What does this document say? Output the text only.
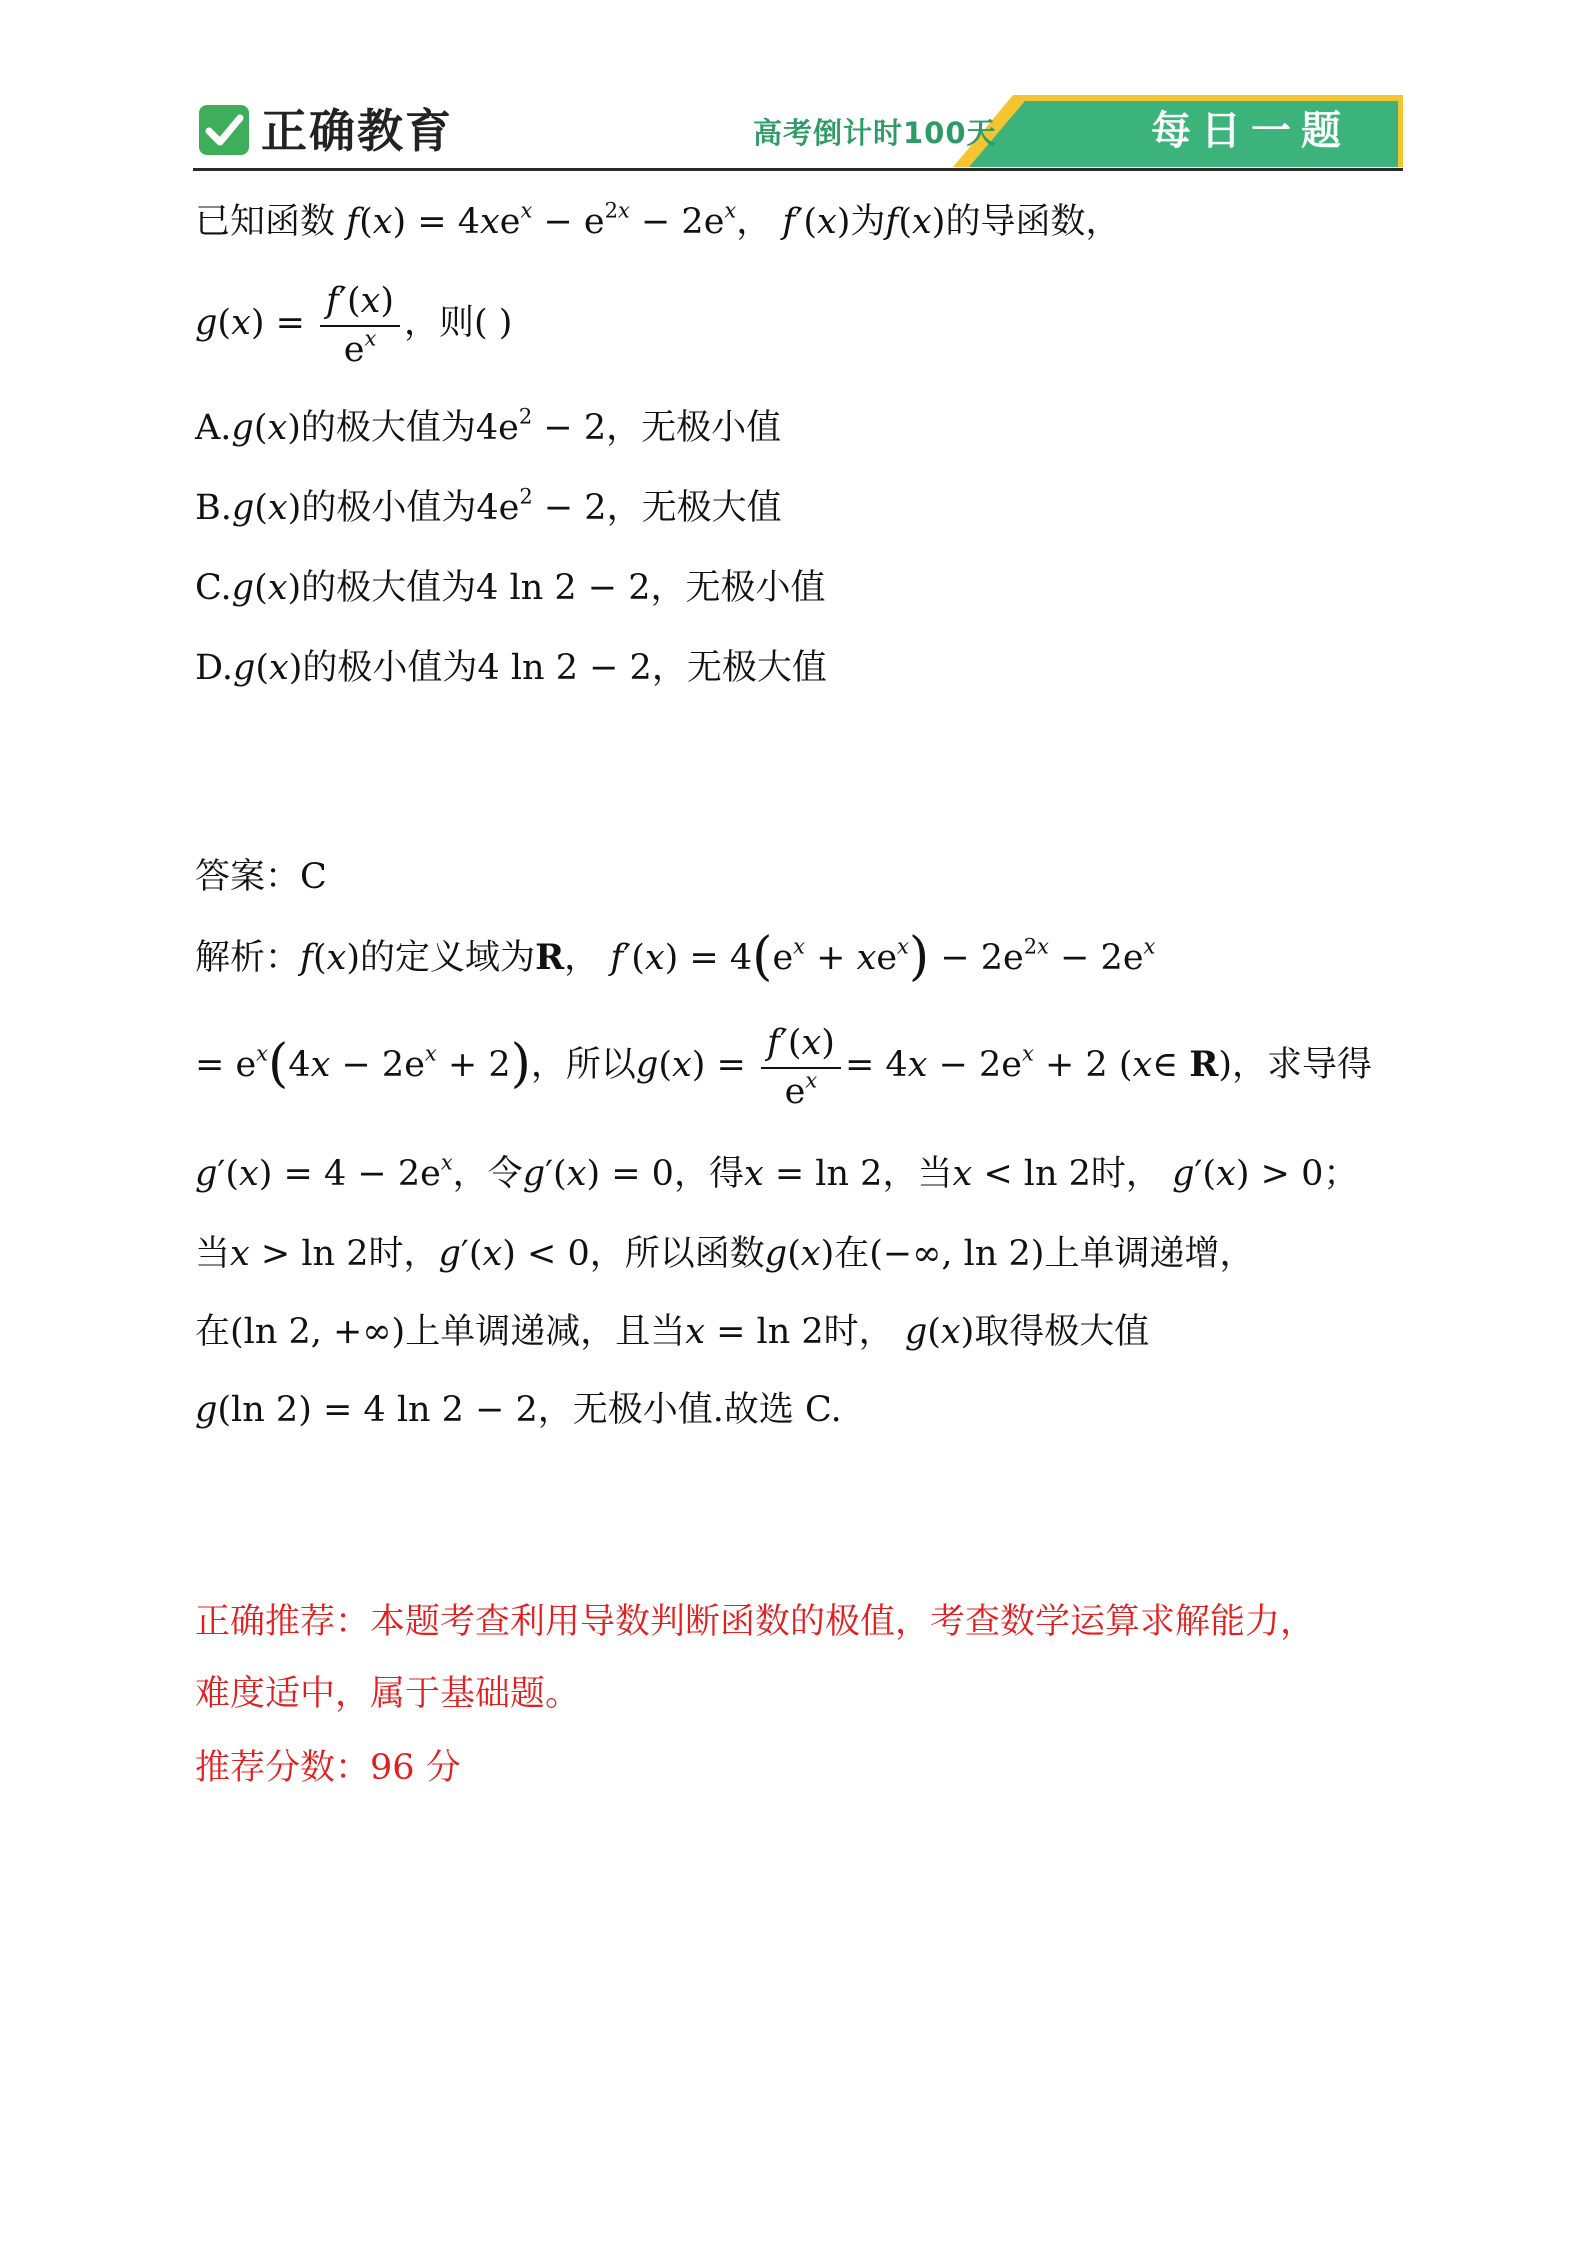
正确教育	高考倒计时100天	每日一题
已知函数 $f(x) = 4xe^x - e^{2x} - 2e^x$， f′(x)为f(x)的导函数，
$g(x) = \frac{f'(x)}{e^x}$ ，则( )
A.g(x)的极大值为$4e^2 - 2$，无极小值
B.g(x)的极小值为$4e^2 - 2$，无极大值
C.g(x)的极大值为4 ln 2 − 2，无极小值
D.g(x)的极小值为4 ln 2 − 2，无极大值
答案：C
解析：f(x)的定义域为R， $f'(x) = 4(e^x + xe^x) - 2e^{2x} - 2e^x$
= $e^x(4x - 2e^x + 2)$，所以$g(x) = \frac{f'(x)}{e^x} = 4x - 2e^x + 2$ (x∈ R)，求导得
$g'(x) = 4 - 2e^x$，令g′(x) = 0，得x = ln 2，当x < ln 2时， g′(x) > 0；
当x > ln 2时，g′(x) < 0，所以函数g(x)在(−∞, ln 2)上单调递增，
在(ln 2, +∞)上单调递减，且当x = ln 2时， g(x)取得极大值
g(ln 2) = 4 ln 2 − 2，无极小值.故选 C.
正确推荐：本题考查利用导数判断函数的极值，考查数学运算求解能力，
难度适中，属于基础题。
推荐分数：96 分
